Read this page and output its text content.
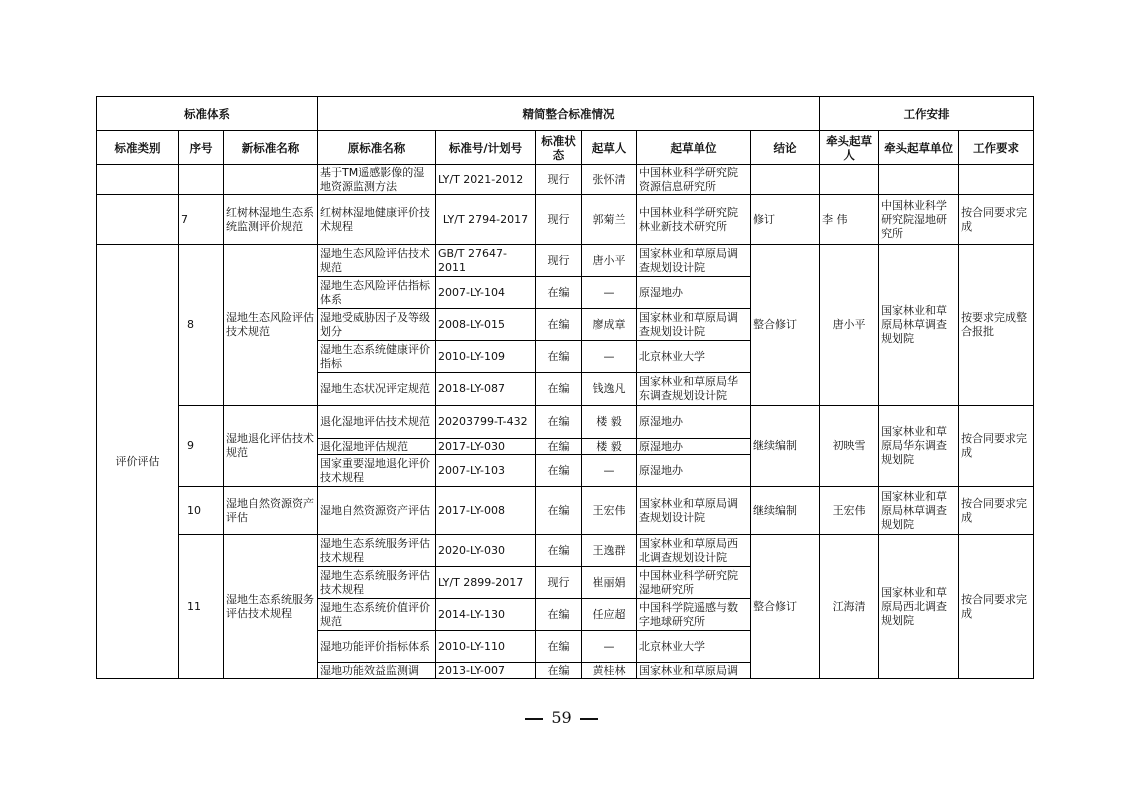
标准体系			精简整合标准情况						工作安排		
标准类别	序号	新标准名称	原标准名称	标准号/计划号	标准状态	起草人	起草单位	结论	牵头起草人	牵头起草单位	工作要求
			基于TM遥感影像的湿地资源监测方法	LY/T 2021-2012	现行	张怀清	中国林业科学研究院资源信息研究所				
	7	红树林湿地生态系统监测评价规范	红树林湿地健康评价技术规程	LY/T 2794-2017	现行	郭菊兰	中国林业科学研究院林业新技术研究所	修订	李 伟	中国林业科学研究院湿地研究所	按合同要求完成
评价评估	8	湿地生态风险评估技术规范	湿地生态风险评估技术规范	GB/T 27647-2011	现行	唐小平	国家林业和草原局调查规划设计院	整合修订	唐小平	国家林业和草原局林草调查规划院	按要求完成整合报批
			湿地生态风险评估指标体系	2007-LY-104	在编	—	原湿地办				
			湿地受威胁因子及等级划分	2008-LY-015	在编	廖成章	国家林业和草原局调查规划设计院				
			湿地生态系统健康评价指标	2010-LY-109	在编	—	北京林业大学				
			湿地生态状况评定规范	2018-LY-087	在编	钱逸凡	国家林业和草原局华东调查规划设计院				
	9	湿地退化评估技术规范	退化湿地评估技术规范	20203799-T-432	在编	楼 毅	原湿地办	继续编制	初映雪	国家林业和草原局华东调查规划院	按合同要求完成
			退化湿地评估规范	2017-LY-030	在编	楼 毅	原湿地办				
			国家重要湿地退化评价技术规程	2007-LY-103	在编	—	原湿地办				
	10	湿地自然资源资产评估	湿地自然资源资产评估	2017-LY-008	在编	王宏伟	国家林业和草原局调查规划设计院	继续编制	王宏伟	国家林业和草原局林草调查规划院	按合同要求完成
	11	湿地生态系统服务评估技术规程	湿地生态系统服务评估技术规程	2020-LY-030	在编	王逸群	国家林业和草原局西北调查规划设计院	整合修订	江海清	国家林业和草原局西北调查规划院	按合同要求完成
			湿地生态系统服务评估技术规程	LY/T 2899-2017	现行	崔丽娟	中国林业科学研究院湿地研究所				
			湿地生态系统价值评价规范	2014-LY-130	在编	任应超	中国科学院遥感与数字地球研究所				
			湿地功能评价指标体系	2010-LY-110	在编	—	北京林业大学				
			湿地功能效益监测调	2013-LY-007	在编	黄桂林	国家林业和草原局调				
59
